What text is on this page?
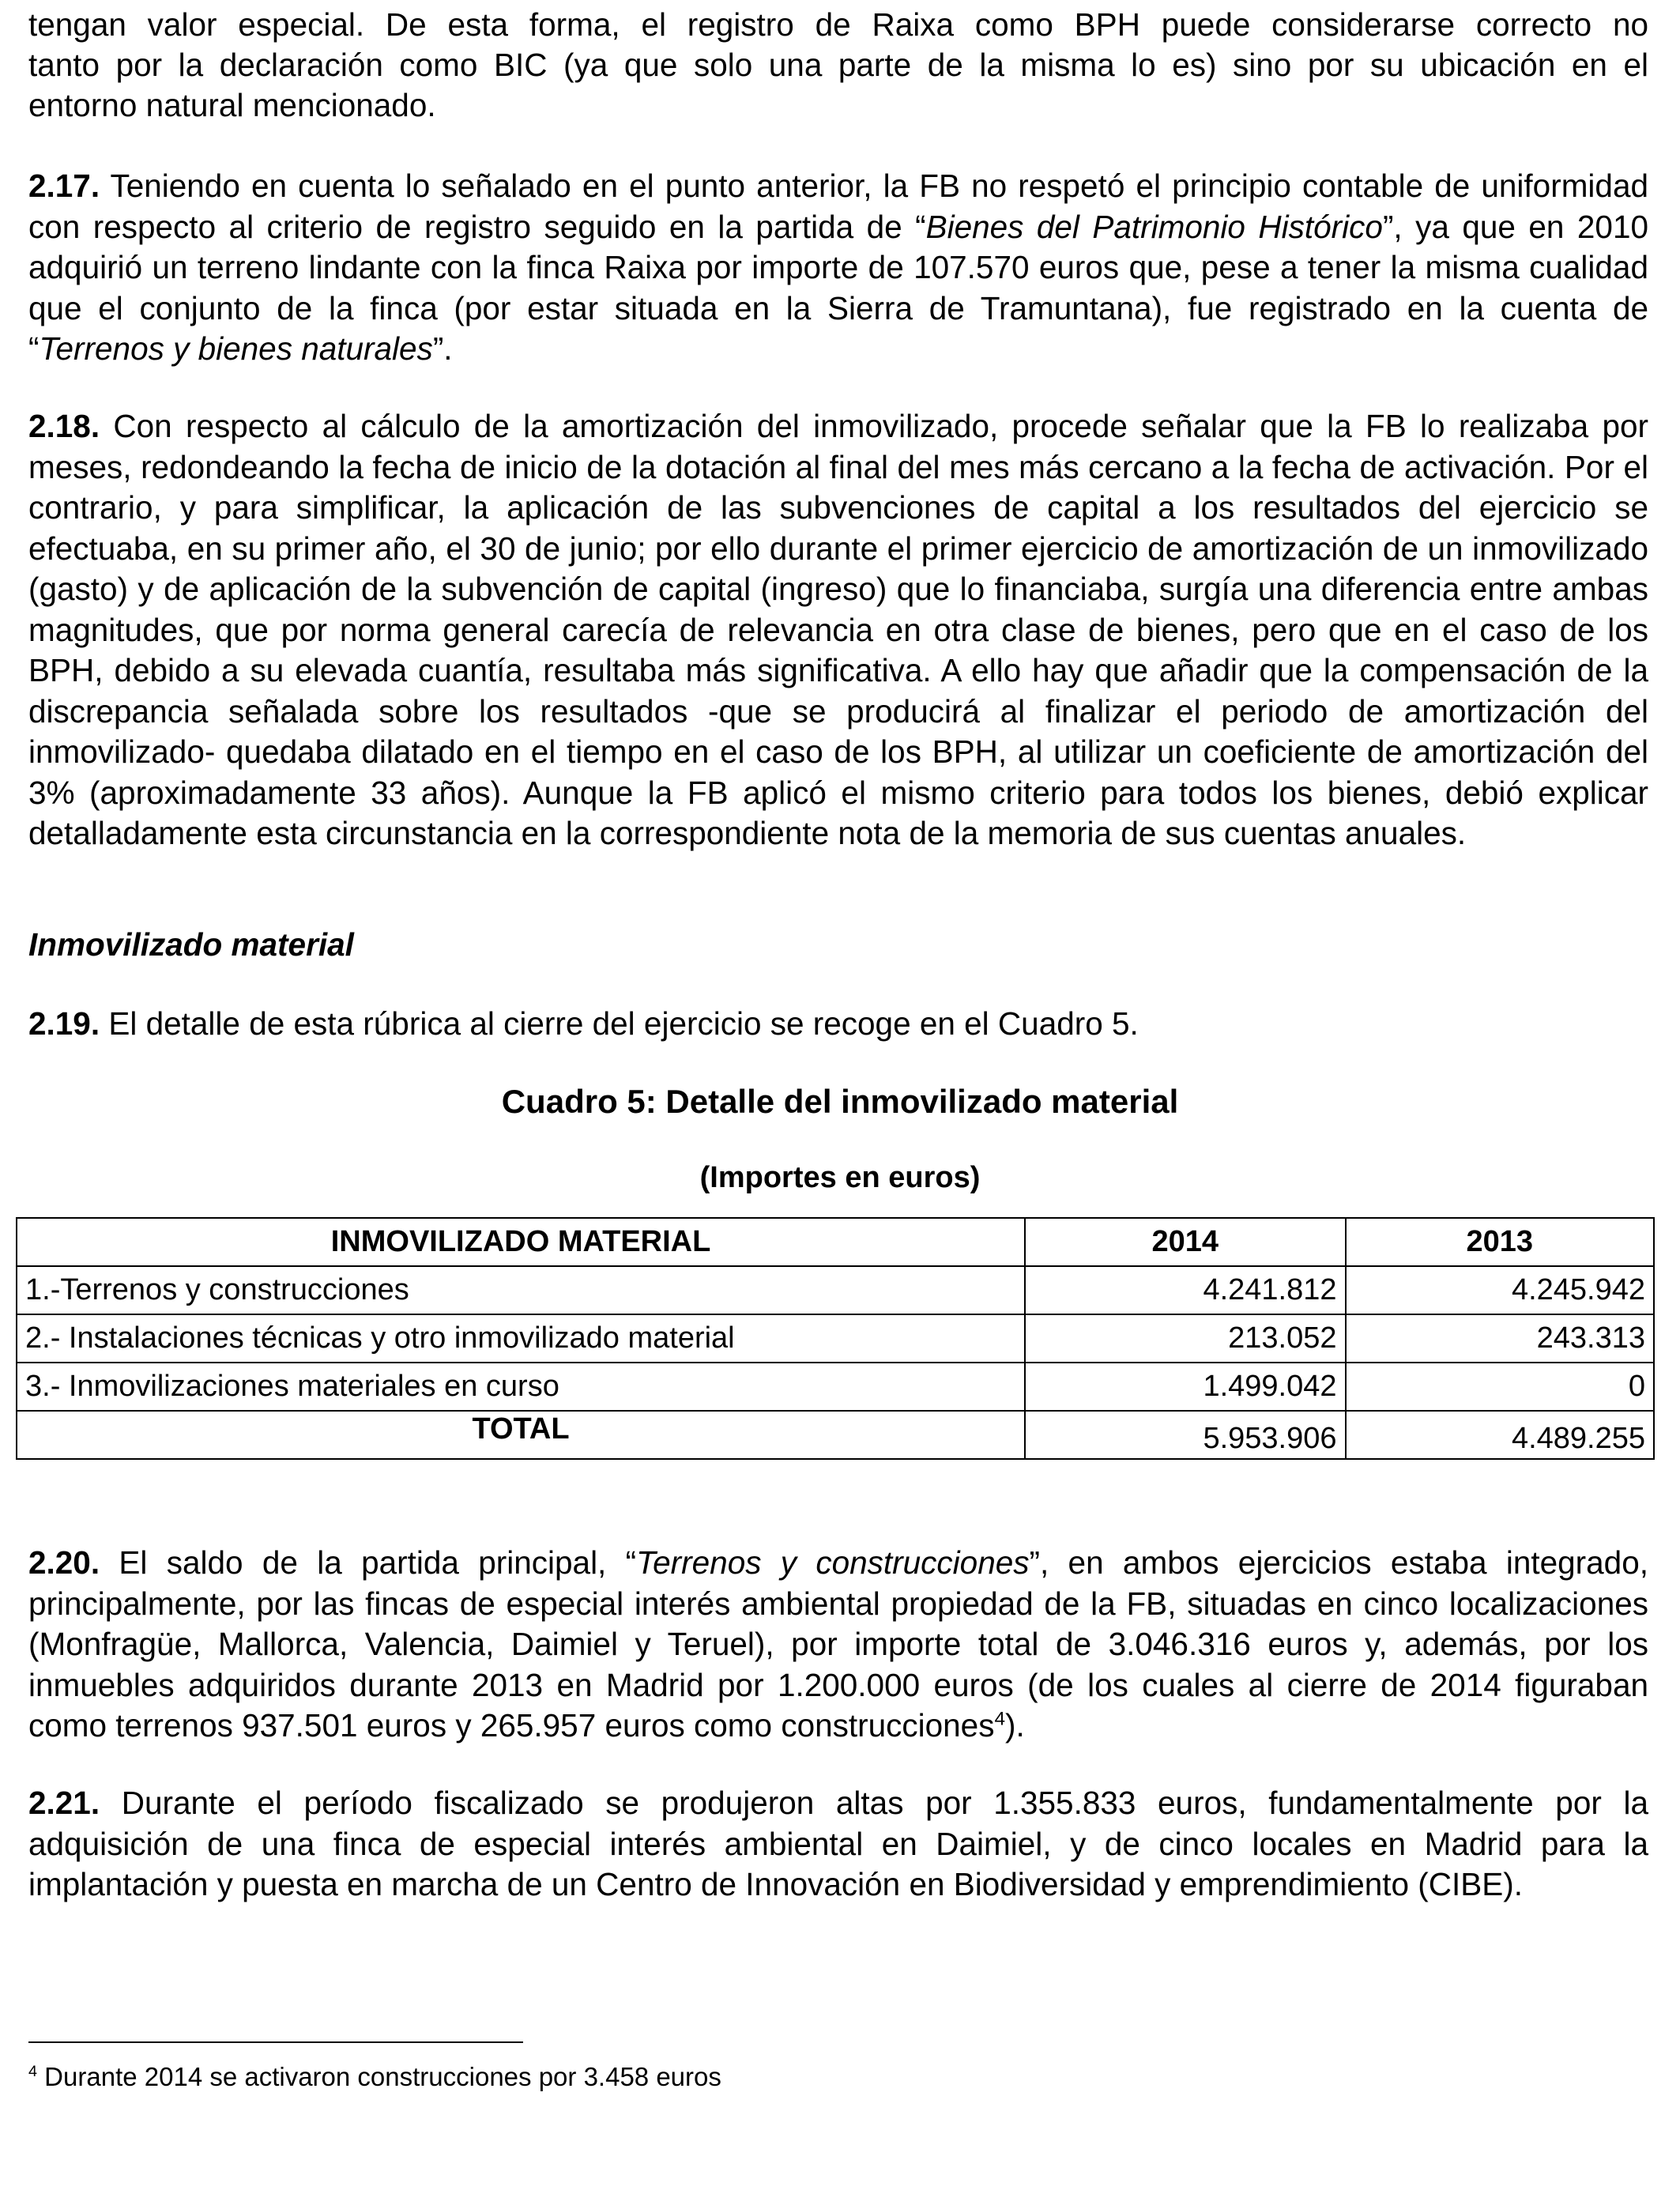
tengan valor especial. De esta forma, el registro de Raixa como BPH puede considerarse correcto no

tanto por la declaración como BIC (ya que solo una parte de la misma lo es) sino por su ubicación en el

entorno natural mencionado.

2.17. Teniendo en cuenta lo señalado en el punto anterior, la FB no respetó el principio contable de uniformidad con respecto al criterio de registro seguido en la partida de “Bienes del Patrimonio Histórico”, ya que en 2010 adquirió un terreno lindante con la finca Raixa por importe de 107.570 euros que, pese a tener la misma cualidad que el conjunto de la finca (por estar situada en la Sierra de Tramuntana), fue registrado en la cuenta de “Terrenos y bienes naturales”.

2.18. Con respecto al cálculo de la amortización del inmovilizado, procede señalar que la FB lo realizaba por meses, redondeando la fecha de inicio de la dotación al final del mes más cercano a la fecha de activación. Por el contrario, y para simplificar, la aplicación de las subvenciones de capital a los resultados del ejercicio se efectuaba, en su primer año, el 30 de junio; por ello durante el primer ejercicio de amortización de un inmovilizado (gasto) y de aplicación de la subvención de capital (ingreso) que lo financiaba, surgía una diferencia entre ambas magnitudes, que por norma general carecía de relevancia en otra clase de bienes, pero que en el caso de los BPH, debido a su elevada cuantía, resultaba más significativa. A ello hay que añadir que la compensación de la discrepancia señalada sobre los resultados -que se producirá al finalizar el periodo de amortización del inmovilizado- quedaba dilatado en el tiempo en el caso de los BPH, al utilizar un coeficiente de amortización del 3% (aproximadamente 33 años). Aunque la FB aplicó el mismo criterio para todos los bienes, debió explicar detalladamente esta circunstancia en la correspondiente nota de la memoria de sus cuentas anuales.

Inmovilizado material

2.19. El detalle de esta rúbrica al cierre del ejercicio se recoge en el Cuadro 5.

Cuadro 5: Detalle del inmovilizado material

(Importes en euros)

INMOVILIZADO MATERIAL	2014	2013
1.-Terrenos y construcciones	4.241.812	4.245.942
2.- Instalaciones técnicas y otro inmovilizado material	213.052	243.313
3.- Inmovilizaciones materiales en curso	1.499.042	0
TOTAL	5.953.906	4.489.255

2.20. El saldo de la partida principal, “Terrenos y construcciones”, en ambos ejercicios estaba integrado, principalmente, por las fincas de especial interés ambiental propiedad de la FB, situadas en cinco localizaciones (Monfragüe, Mallorca, Valencia, Daimiel y Teruel), por importe total de 3.046.316 euros y, además, por los inmuebles adquiridos durante 2013 en Madrid por 1.200.000 euros (de los cuales al cierre de 2014 figuraban como terrenos 937.501 euros y 265.957 euros como construcciones$^4$).

2.21. Durante el período fiscalizado se produjeron altas por 1.355.833 euros, fundamentalmente por la adquisición de una finca de especial interés ambiental en Daimiel, y de cinco locales en Madrid para la implantación y puesta en marcha de un Centro de Innovación en Biodiversidad y emprendimiento (CIBE).

$^4$ Durante 2014 se activaron construcciones por 3.458 euros
